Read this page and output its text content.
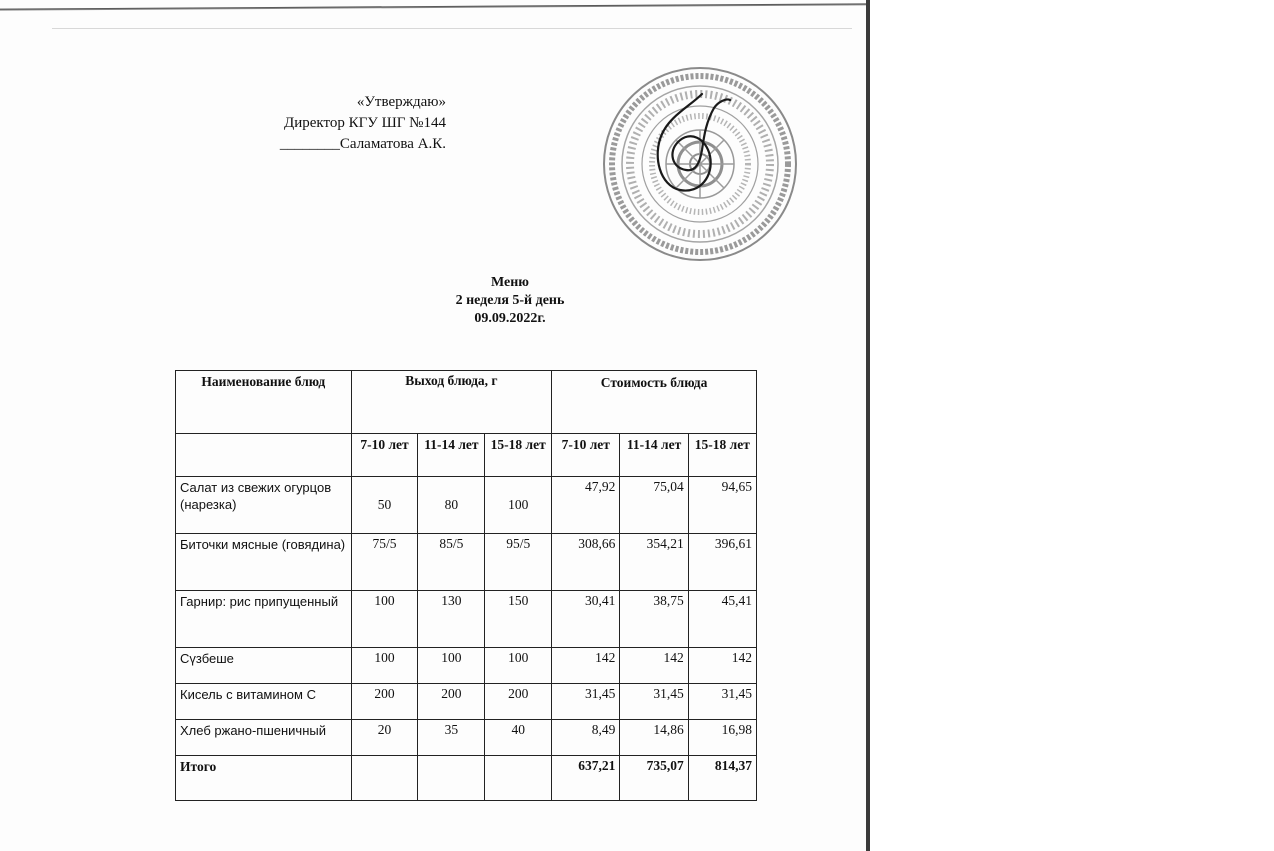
«Утверждаю»
Директор КГУ ШГ №144
________Саламатова А.К.
Меню
2 неделя 5-й день
09.09.2022г.
Наименование блюд	Выход блюда, г			Стоимость блюда		
	7-10 лет	11-14 лет	15-18 лет	7-10 лет	11-14 лет	15-18 лет
Салат из свежих огурцов (нарезка)	50	80	100	47,92	75,04	94,65
Биточки мясные (говядина)	75/5	85/5	95/5	308,66	354,21	396,61
Гарнир: рис припущенный	100	130	150	30,41	38,75	45,41
Сүзбеше	100	100	100	142	142	142
Кисель с витамином С	200	200	200	31,45	31,45	31,45
Хлеб ржано-пшеничный	20	35	40	8,49	14,86	16,98
Итого				637,21	735,07	814,37
